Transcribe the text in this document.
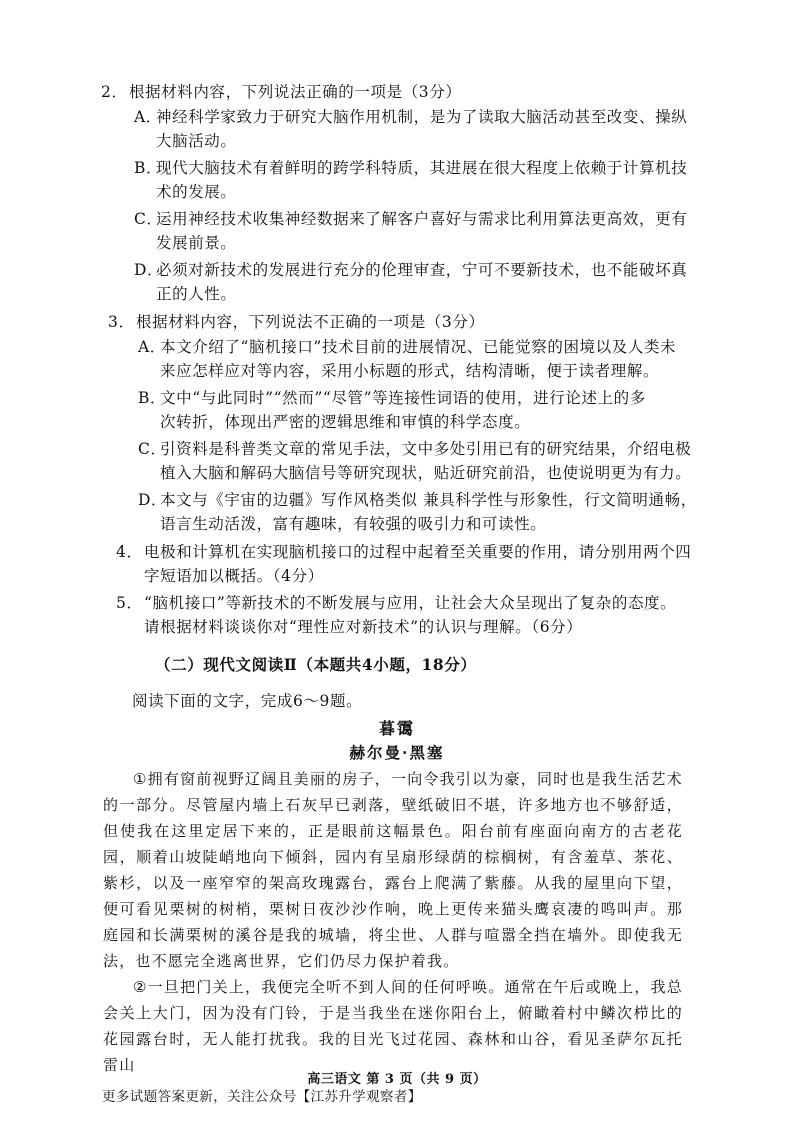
2．根据材料内容，下列说法正确的一项是（3分）
A．神经科学家致力于研究大脑作用机制，是为了读取大脑活动甚至改变、操纵
大脑活动。
B．现代大脑技术有着鲜明的跨学科特质，其进展在很大程度上依赖于计算机技
术的发展。
C．运用神经技术收集神经数据来了解客户喜好与需求比利用算法更高效，更有
发展前景。
D．必须对新技术的发展进行充分的伦理审查，宁可不要新技术，也不能破坏真
正的人性。
3．根据材料内容，下列说法不正确的一项是（3分）
A．本文介绍了“脑机接口”技术目前的进展情况、已能觉察的困境以及人类未
来应怎样应对等内容，采用小标题的形式，结构清晰，便于读者理解。
B．文中“与此同时”“然而”“尽管”等连接性词语的使用，进行论述上的多
次转折，体现出严密的逻辑思维和审慎的科学态度。
C．引资料是科普类文章的常见手法，文中多处引用已有的研究结果，介绍电极
植入大脑和解码大脑信号等研究现状，贴近研究前沿，也使说明更为有力。
D．本文与《宇宙的边疆》写作风格类似 兼具科学性与形象性，行文简明通畅，
语言生动活泼，富有趣味，有较强的吸引力和可读性。
4．电极和计算机在实现脑机接口的过程中起着至关重要的作用，请分别用两个四
字短语加以概括。（4分）
5．“脑机接口”等新技术的不断发展与应用，让社会大众呈现出了复杂的态度。
请根据材料谈谈你对“理性应对新技术”的认识与理解。（6分）
（二）现代文阅读Ⅱ（本题共4小题，18分）
阅读下面的文字，完成6～9题。
暮霭
赫尔曼·黑塞

①拥有窗前视野辽阔且美丽的房子，一向令我引以为豪，同时也是我生活艺术的一部分。尽管屋内墙上石灰早已剥落，壁纸破旧不堪，许多地方也不够舒适，但使我在这里定居下来的，正是眼前这幅景色。阳台前有座面向南方的古老花园，顺着山坡陡峭地向下倾斜，园内有呈扇形绿荫的棕榈树，有含羞草、茶花、紫杉，以及一座窄窄的架高玫瑰露台，露台上爬满了紫藤。从我的屋里向下望，便可看见栗树的树梢，栗树日夜沙沙作响，晚上更传来猫头鹰哀凄的鸣叫声。那庭园和长满栗树的溪谷是我的城墙，将尘世、人群与喧嚣全挡在墙外。即使我无法，也不愿完全逃离世界，它们仍尽力保护着我。

②一旦把门关上，我便完全听不到人间的任何呼唤。通常在午后或晚上，我总会关上大门，因为没有门铃，于是当我坐在迷你阳台上，俯瞰着村中鳞次栉比的花园露台时，无人能打扰我。我的目光飞过花园、森林和山谷，看见圣萨尔瓦托雷山

高三语文 第 3 页（共 9 页）
更多试题答案更新，关注公众号【江苏升学观察者】
